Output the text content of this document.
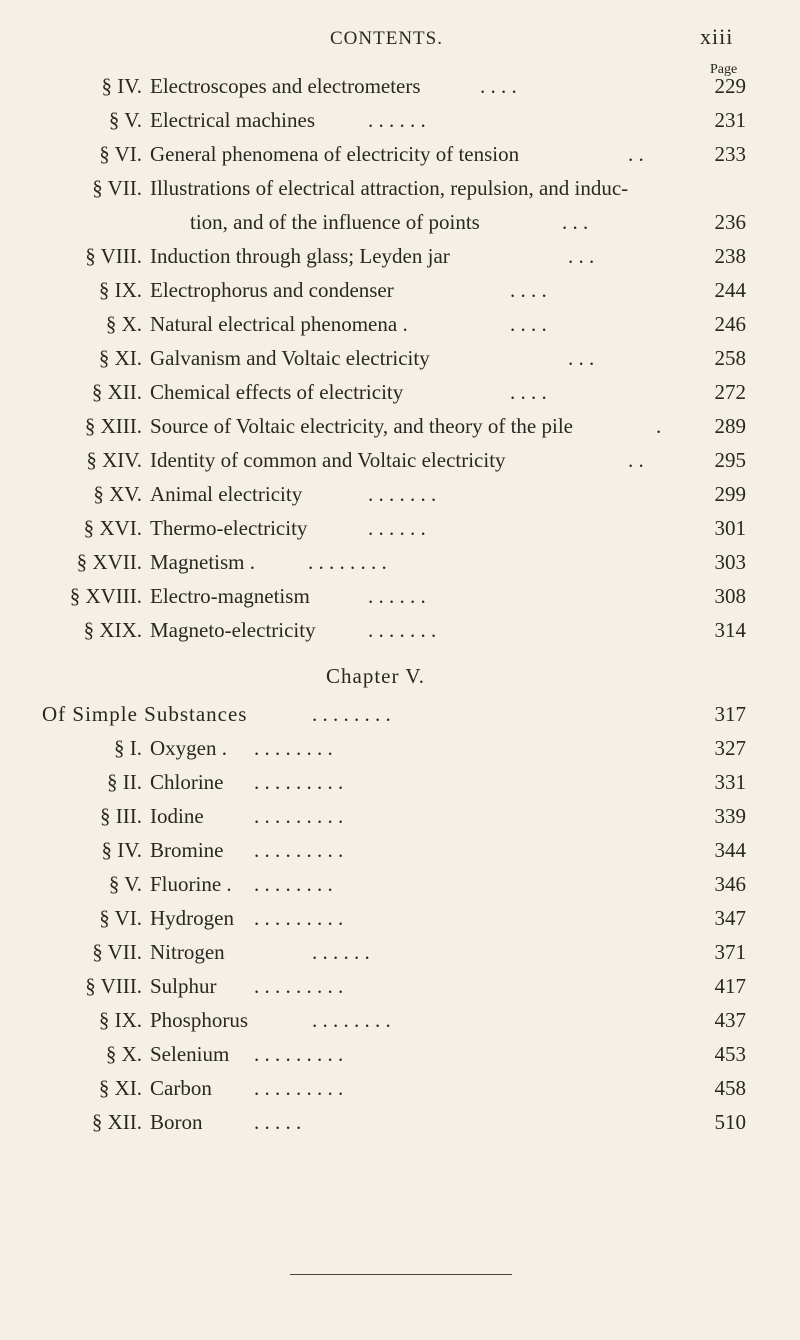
CONTENTS.	xiii
Page
§ IV. Electroscopes and electrometers	. . . .	229
§ V. Electrical machines	. . . . . .	231
§ VI. General phenomena of electricity of tension	. .	233
§ VII. Illustrations of electrical attraction, repulsion, and induc-
tion, and of the influence of points	. . .	236
§ VIII. Induction through glass; Leyden jar	. . .	238
§ IX. Electrophorus and condenser	. . . .	244
§ X. Natural electrical phenomena .	. . . .	246
§ XI. Galvanism and Voltaic electricity	. . .	258
§ XII. Chemical effects of electricity	. . . .	272
§ XIII. Source of Voltaic electricity, and theory of the pile	.	289
§ XIV. Identity of common and Voltaic electricity	. .	295
§ XV. Animal electricity	. . . . . . .	299
§ XVI. Thermo-electricity	. . . . . .	301
§ XVII. Magnetism .	. . . . . . . .	303
§ XVIII. Electro-magnetism	. . . . . .	308
§ XIX. Magneto-electricity . . . . . . .	314
Chapter V.
Of Simple Substances	. . . . . . . .	317
§ I. Oxygen . . . . . . . . .	327
§ II. Chlorine . . . . . . . . .	331
§ III. Iodine . . . . . . . . .	339
§ IV. Bromine . . . . . . . . .	344
§ V. Fluorine . . . . . . . . .	346
§ VI. Hydrogen . . . . . . . . .	347
§ VII. Nitrogen	. . . . . .	371
§ VIII. Sulphur . . . . . . . . .	417
§ IX. Phosphorus	. . . . . . . .	437
§ X. Selenium . . . . . . . . .	453
§ XI. Carbon . . . . . . . . .	458
§ XII. Boron . . . . .	510
